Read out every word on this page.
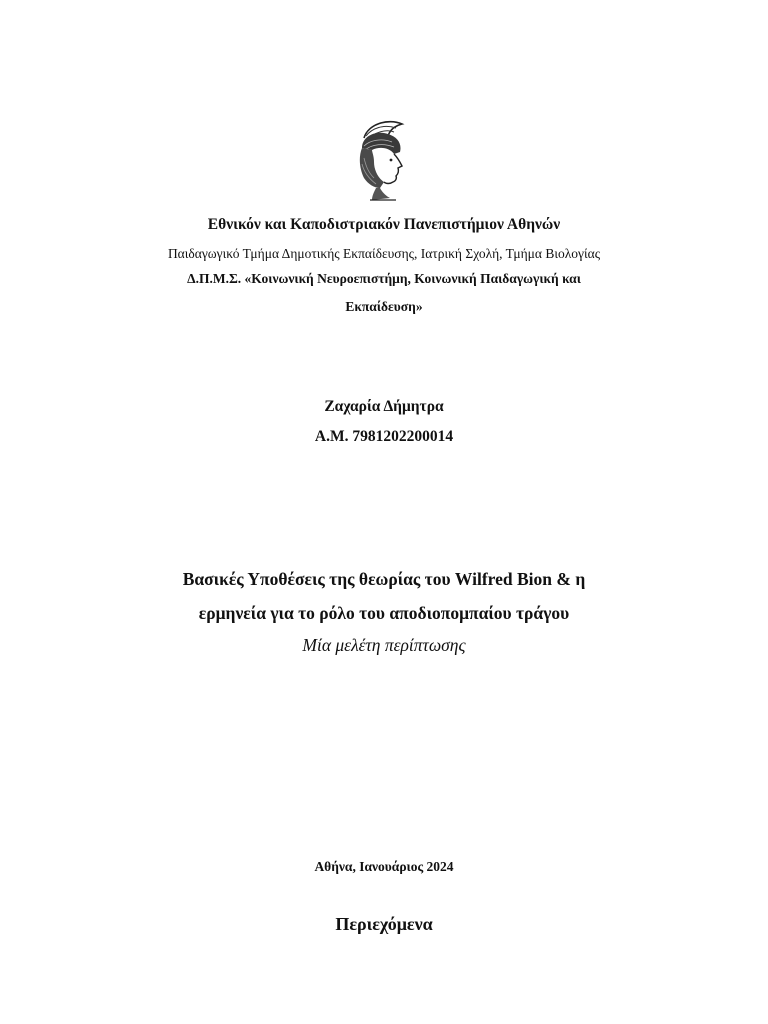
Εθνικόν και Καποδιστριακόν Πανεπιστήμιον Αθηνών
Παιδαγωγικό Τμήμα Δημοτικής Εκπαίδευσης, Ιατρική Σχολή, Τμήμα Βιολογίας
Δ.Π.Μ.Σ. «Κοινωνική Νευροεπιστήμη, Κοινωνική Παιδαγωγική και
Εκπαίδευση»
Ζαχαρία Δήμητρα
Α.Μ. 7981202200014
Βασικές Υποθέσεις της θεωρίας του Wilfred Bion & η
ερμηνεία για το ρόλο του αποδιοπομπαίου τράγου
Μία μελέτη περίπτωσης
Αθήνα, Ιανουάριος 2024
Περιεχόμενα
